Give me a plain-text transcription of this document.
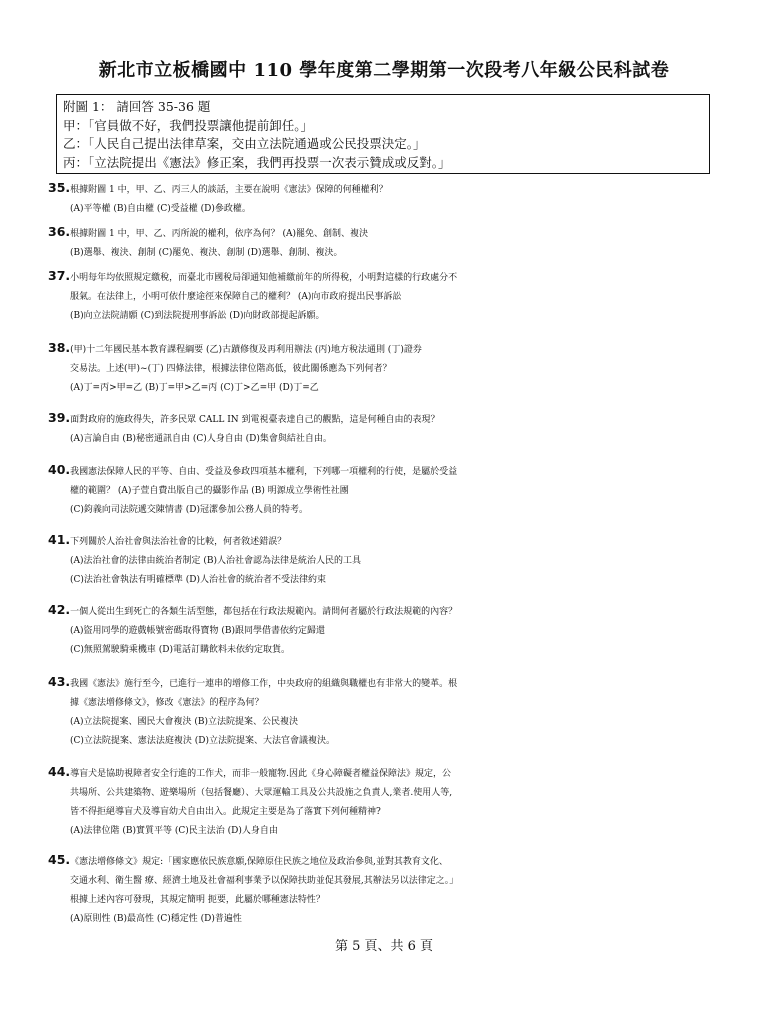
新北市立板橋國中 110 學年度第二學期第一次段考八年級公民科試卷
附圖 1： 請回答 35-36 題
甲：「官員做不好，我們投票讓他提前卸任。」
乙：「人民自己提出法律草案，交由立法院通過或公民投票決定。」
丙：「立法院提出《憲法》修正案，我們再投票一次表示贊成或反對。」
35.根據附圖 1 中，甲、乙、丙三人的談話，主要在說明《憲法》保障的何種權利？
(A)平等權 (B)自由權 (C)受益權 (D)參政權。
36.根據附圖 1 中，甲、乙、丙所說的權利，依序為何？ (A)罷免、創制、複決
(B)選舉、複決、創制 (C)罷免、複決、創制 (D)選舉、創制、複決。
37.小明每年均依照規定繳稅，而臺北市國稅局卻通知他補繳前年的所得稅，小明對這樣的行政處分不
服氣。在法律上，小明可依什麼途徑來保障自己的權利？ (A)向市政府提出民事訴訟
(B)向立法院請願 (C)到法院提刑事訴訟 (D)向財政部提起訴願。
38.(甲)十二年國民基本教育課程綱要 (乙)古蹟修復及再利用辦法 (丙)地方稅法通則 (丁)證券
交易法。上述(甲)~(丁) 四條法律，根據法律位階高低，彼此關係應為下列何者？
(A)丁=丙>甲=乙 (B)丁=甲>乙=丙 (C)丁>乙=甲 (D)丁=乙
39.面對政府的施政得失，許多民眾 CALL IN 到電視臺表達自己的觀點，這是何種自由的表現？
(A)言論自由 (B)秘密通訊自由 (C)人身自由 (D)集會與結社自由。
40.我國憲法保障人民的平等、自由、受益及參政四項基本權利，下列哪一項權利的行使，是屬於受益
權的範圍？ (A)子萱自費出版自己的攝影作品 (B) 明源成立學術性社團
(C)鈞義向司法院遞交陳情書 (D)冠潔參加公務人員的特考。
41.下列關於人治社會與法治社會的比較，何者敘述錯誤？
(A)法治社會的法律由統治者制定 (B)人治社會認為法律是統治人民的工具
(C)法治社會執法有明確標準 (D)人治社會的統治者不受法律約束
42.一個人從出生到死亡的各類生活型態，都包括在行政法規範內。請問何者屬於行政法規範的內容？
(A)盜用同學的遊戲帳號密碼取得寶物 (B)跟同學借書依約定歸還
(C)無照駕駛騎乘機車 (D)電話訂購飲料未依約定取貨。
43.我國《憲法》施行至今，已進行一連串的增修工作，中央政府的組織與職權也有非常大的變革。根
據《憲法增修條文》，修改《憲法》的程序為何？
(A)立法院提案、國民大會複決 (B)立法院提案、公民複決
(C)立法院提案、憲法法庭複決 (D)立法院提案、大法官會議複決。
44.導盲犬是協助視障者安全行進的工作犬，而非一般寵物.因此《身心障礙者權益保障法》規定，公
共場所、公共建築物、遊樂場所（包括餐廳）、大眾運輸工具及公共設施之負責人,業者.使用人等,
皆不得拒絕導盲犬及導盲幼犬自由出入。此規定主要是為了落實下列何種精神?
(A)法律位階 (B)實質平等 (C)民主法治 (D)人身自由
45.《憲法增修條文》規定:「國家應依民族意願,保障原住民族之地位及政治參與,並對其教育文化、
交通水利、衛生醫 療、經濟土地及社會福利事業予以保障扶助並促其發展,其辦法另以法律定之。」
根據上述內容可發現，其規定簡明 扼要，此屬於哪種憲法特性？
(A)原則性 (B)最高性 (C)穩定性 (D)普遍性
第 5 頁、共 6 頁
